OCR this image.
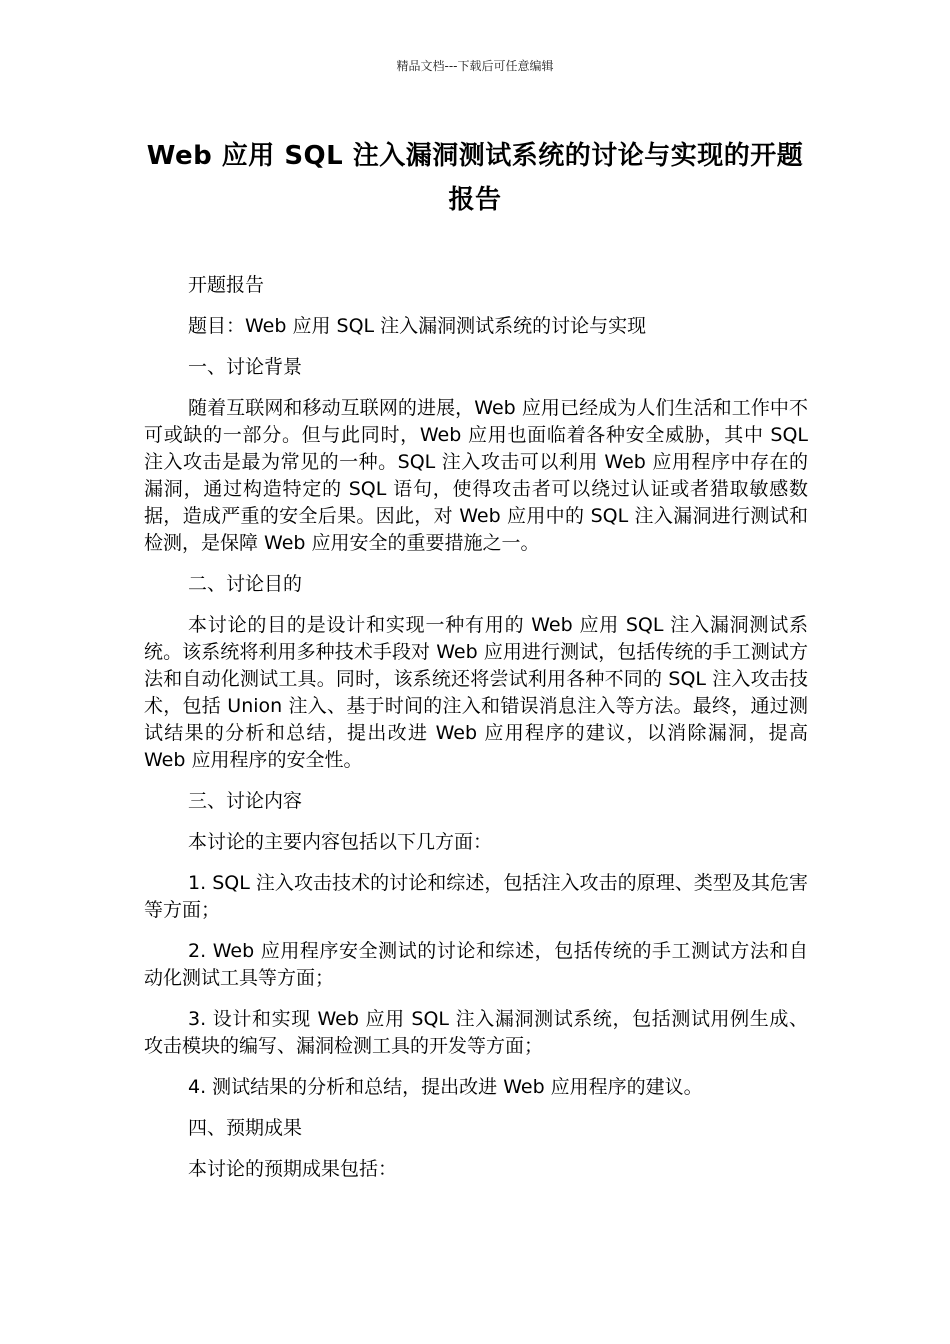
精品文档---下载后可任意编辑
Web 应用 SQL 注入漏洞测试系统的讨论与实现的开题报告

开题报告

题目：Web 应用 SQL 注入漏洞测试系统的讨论与实现

一、讨论背景

随着互联网和移动互联网的进展，Web 应用已经成为人们生活和工作中不可或缺的一部分。但与此同时，Web 应用也面临着各种安全威胁，其中 SQL 注入攻击是最为常见的一种。SQL 注入攻击可以利用 Web 应用程序中存在的漏洞，通过构造特定的 SQL 语句，使得攻击者可以绕过认证或者猎取敏感数据，造成严重的安全后果。因此，对 Web 应用中的 SQL 注入漏洞进行测试和检测，是保障 Web 应用安全的重要措施之一。

二、讨论目的

本讨论的目的是设计和实现一种有用的 Web 应用 SQL 注入漏洞测试系统。该系统将利用多种技术手段对 Web 应用进行测试，包括传统的手工测试方法和自动化测试工具。同时，该系统还将尝试利用各种不同的 SQL 注入攻击技术，包括 Union 注入、基于时间的注入和错误消息注入等方法。最终，通过测试结果的分析和总结，提出改进 Web 应用程序的建议，以消除漏洞，提高 Web 应用程序的安全性。

三、讨论内容

本讨论的主要内容包括以下几方面：

1. SQL 注入攻击技术的讨论和综述，包括注入攻击的原理、类型及其危害等方面；

2. Web 应用程序安全测试的讨论和综述，包括传统的手工测试方法和自动化测试工具等方面；

3. 设计和实现 Web 应用 SQL 注入漏洞测试系统，包括测试用例生成、攻击模块的编写、漏洞检测工具的开发等方面；

4. 测试结果的分析和总结，提出改进 Web 应用程序的建议。

四、预期成果

本讨论的预期成果包括：
